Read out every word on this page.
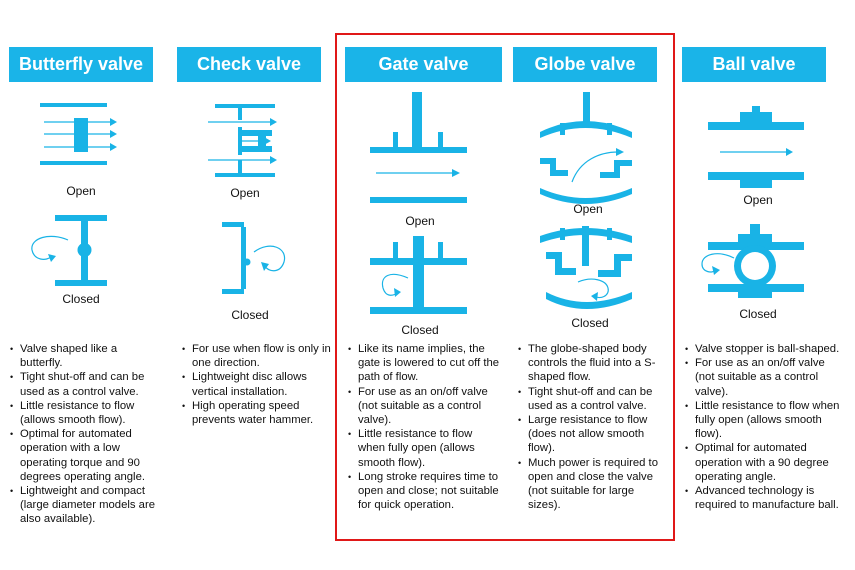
Butterfly valve
Open
Closed
• Valve shaped like a butterfly.
• Tight shut-off and can be used as a control valve.
• Little resistance to flow (allows smooth flow).
• Optimal for automated operation with a low operating torque and 90 degrees operating angle.
• Lightweight and compact (large diameter models are also available).
Check valve
Open
Closed
• For use when flow is only in one direction.
• Lightweight disc allows vertical installation.
• High operating speed prevents water hammer.
Gate valve
Open
Closed
• Like its name implies, the gate is lowered to cut off the path of flow.
• For use as an on/off valve (not suitable as a control valve).
• Little resistance to flow when fully open (allows smooth flow).
• Long stroke requires time to open and close; not suitable for quick operation.
Globe valve
Open
Closed
• The globe-shaped body controls the fluid into a S-shaped flow.
• Tight shut-off and can be used as a control valve.
• Large resistance to flow (does not allow smooth flow).
• Much power is required to open and close the valve (not suitable for large sizes).
Ball valve
Open
Closed
• Valve stopper is ball-shaped.
• For use as an on/off valve (not suitable as a control valve).
• Little resistance to flow when fully open (allows smooth flow).
• Optimal for automated operation with a 90 degree operating angle.
• Advanced technology is required to manufacture ball.
